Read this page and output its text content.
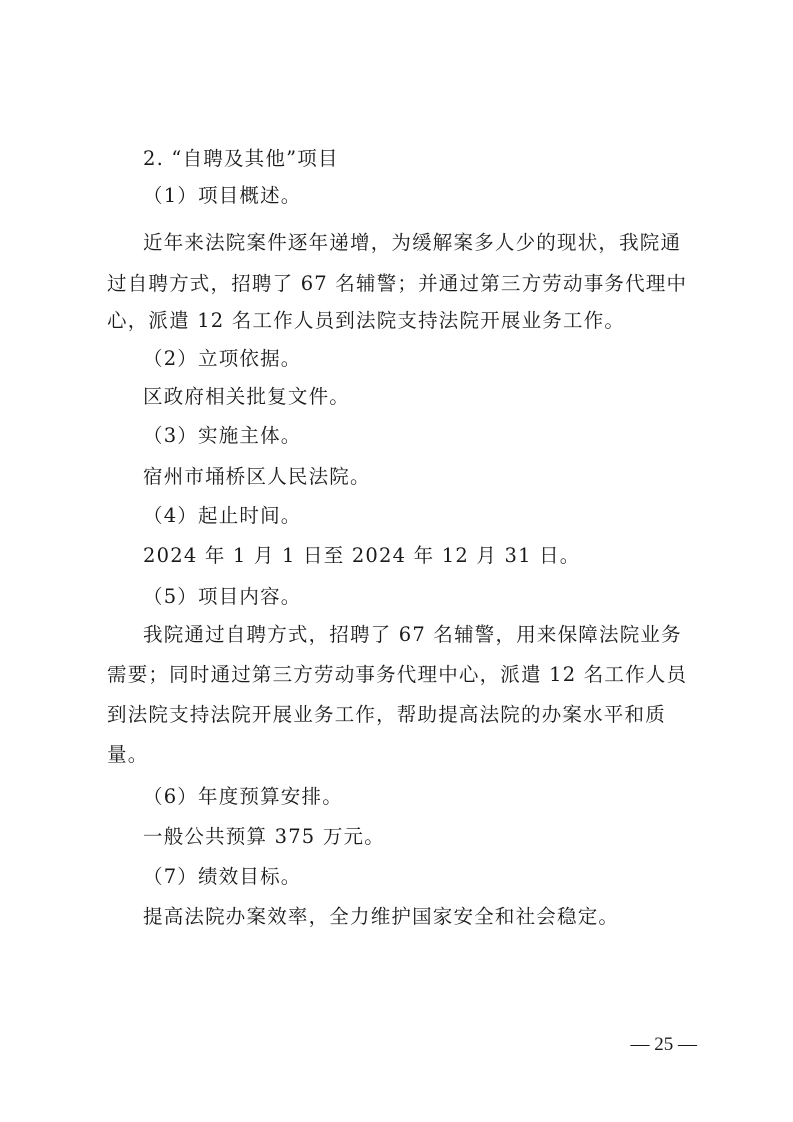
2. “自聘及其他”项目
（1）项目概述。
近年来法院案件逐年递增，为缓解案多人少的现状，我院通
过自聘方式，招聘了 67 名辅警；并通过第三方劳动事务代理中
心，派遣 12 名工作人员到法院支持法院开展业务工作。
（2）立项依据。
区政府相关批复文件。
（3）实施主体。
宿州市埇桥区人民法院。
（4）起止时间。
2024 年 1 月 1 日至 2024 年 12 月 31 日。
（5）项目内容。
我院通过自聘方式，招聘了 67 名辅警，用来保障法院业务
需要；同时通过第三方劳动事务代理中心，派遣 12 名工作人员
到法院支持法院开展业务工作，帮助提高法院的办案水平和质
量。
（6）年度预算安排。
一般公共预算 375 万元。
（7）绩效目标。
提高法院办案效率，全力维护国家安全和社会稳定。
— 25 —
